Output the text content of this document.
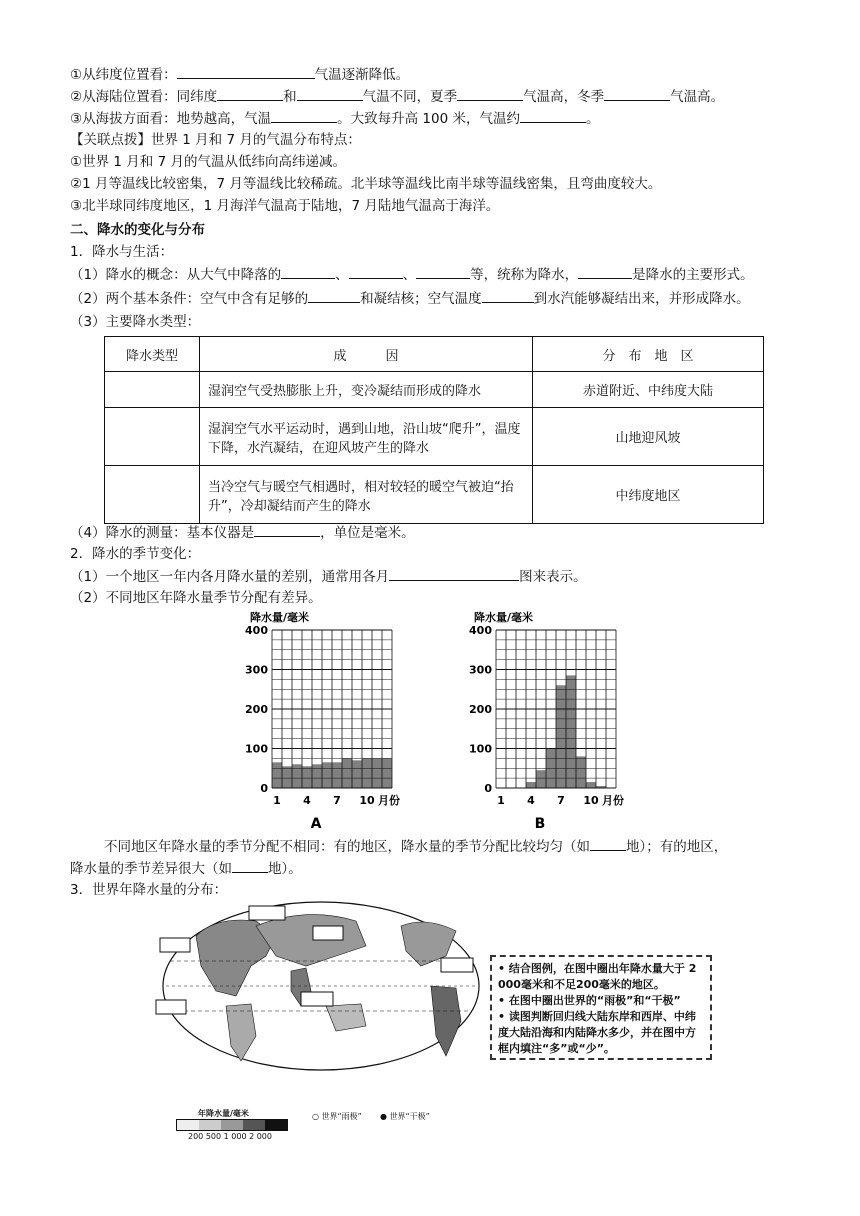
①从纬度位置看：	气温逐渐降低。
②从海陆位置看：同纬度	和	气温不同，夏季	气温高，冬季	气温高。
③从海拔方面看：地势越高，气温	。大致每升高 100 米，气温约	。
【关联点拨】世界 1 月和 7 月的气温分布特点：
①世界 1 月和 7 月的气温从低纬向高纬递减。
②1 月等温线比较密集，7 月等温线比较稀疏。北半球等温线比南半球等温线密集，且弯曲度较大。
③北半球同纬度地区，1 月海洋气温高于陆地，7 月陆地气温高于海洋。
二、降水的变化与分布
1．降水与生活：
（1）降水的概念：从大气中降落的	、	、	等，统称为降水，	是降水的主要形式。
（2）两个基本条件：空气中含有足够的	和凝结核；空气温度	到水汽能够凝结出来，并形成降水。
（3）主要降水类型：
降水类型	成　　　因	分　布　地　区
	湿润空气受热膨胀上升，变冷凝结而形成的降水	赤道附近、中纬度大陆
	湿润空气水平运动时，遇到山地，沿山坡“爬升”，温度下降，水汽凝结，在迎风坡产生的降水	山地迎风坡
	当冷空气与暖空气相遇时，相对较轻的暖空气被迫“抬升”，冷却凝结而产生的降水	中纬度地区
（4）降水的测量：基本仪器是	，单位是毫米。
2．降水的季节变化：
（1）一个地区一年内各月降水量的差别，通常用各月	图来表示。
（2）不同地区年降水量季节分配有差异。
降水量/毫米
0
100
200
300
400
1 4 7 10 月份
A
降水量/毫米
0
100
200
300
400
1 4 7 10 月份
B
不同地区年降水量的季节分配不相同：有的地区，降水量的季节分配比较均匀（如	地）；有的地区，
降水量的季节差异很大（如	地）。
3．世界年降水量的分布：
• 结合图例，在图中圈出年降水量大于 2 000毫米和不足200毫米的地区。
• 在图中圈出世界的“雨极”和“干极”
• 读图判断回归线大陆东岸和西岸、中纬度大陆沿海和内陆降水多少，并在图中方框内填注“多”或“少”。
年降水量/毫米
200 500 1 000 2 000
○ 世界“雨极” ● 世界“干极”
